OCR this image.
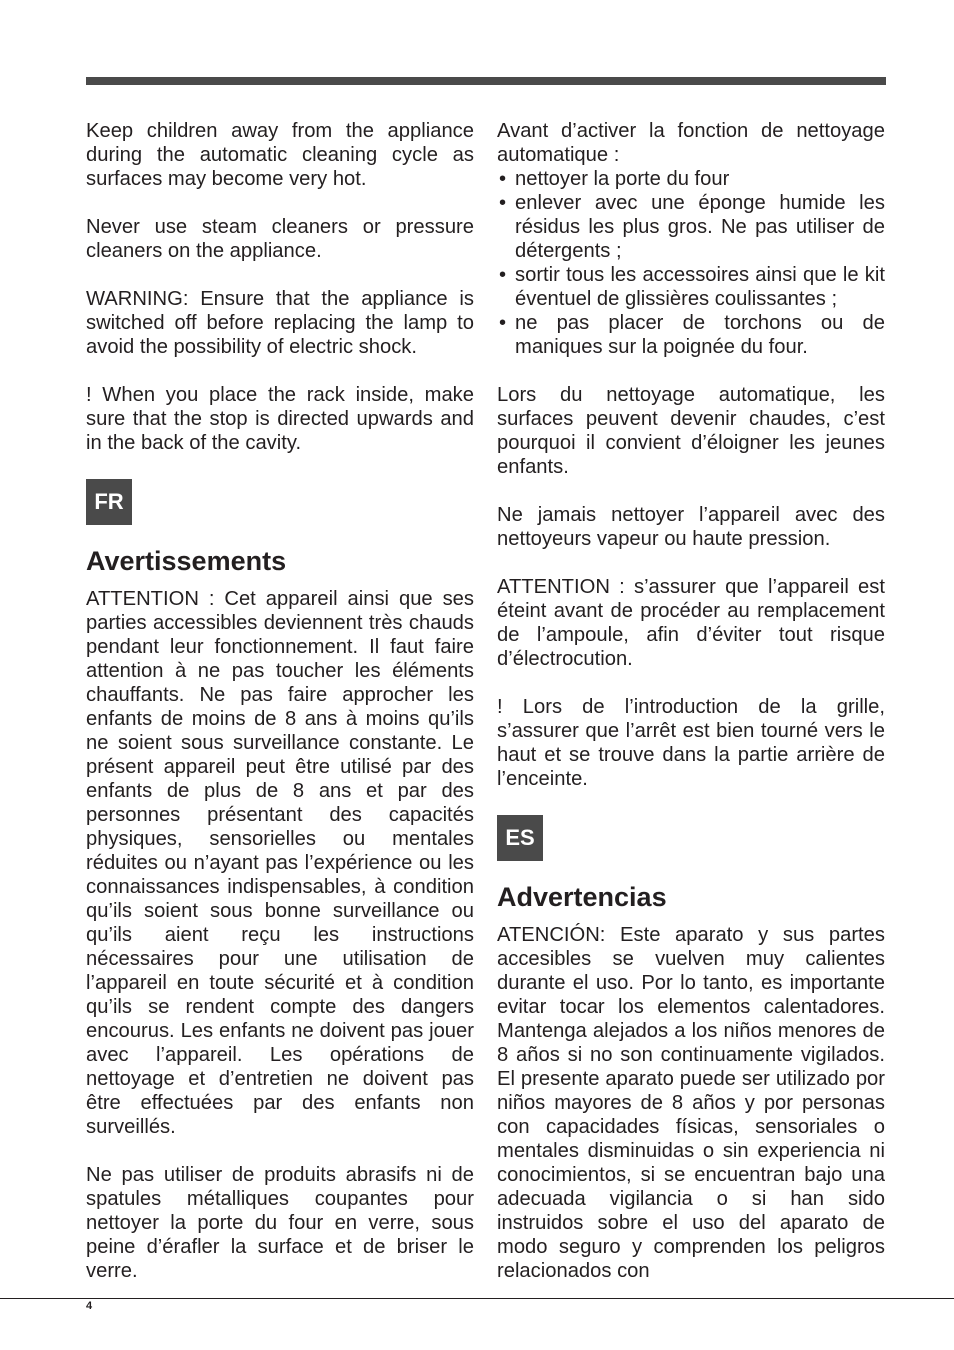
Keep children away from the appliance during the automatic cleaning cycle as surfaces may become very hot.

Never use steam cleaners or pressure cleaners on the appliance.

WARNING: Ensure that the appliance is switched off before replacing the lamp to avoid the possibility of electric shock.

! When you place the rack inside, make sure that the stop is directed upwards and in the back of the cavity.

FR
Avertissements

ATTENTION : Cet appareil ainsi que ses parties accessibles deviennent très chauds pendant leur fonctionnement. Il faut faire attention à ne pas toucher les éléments chauffants. Ne pas faire approcher les enfants de moins de 8 ans à moins qu’ils ne soient sous surveillance constante. Le présent appareil peut être utilisé par des enfants de plus de 8 ans et par des personnes présentant des capacités physiques, sensorielles ou mentales réduites ou n’ayant pas l’expérience ou les connaissances indispensables, à condition qu’ils soient sous bonne surveillance ou qu’ils aient reçu les instructions nécessaires pour une utilisation de l’appareil en toute sécurité et à condition qu’ils se rendent compte des dangers encourus. Les enfants ne doivent pas jouer avec l’appareil. Les opérations de nettoyage et d’entretien ne doivent pas être effectuées par des enfants non surveillés.

Ne pas utiliser de produits abrasifs ni de spatules métalliques coupantes pour nettoyer la porte du four en verre, sous peine d’érafler la surface et de briser le verre.

Avant d’activer la fonction de nettoyage automatique :

• nettoyer la porte du four
• enlever avec une éponge humide les résidus les plus gros. Ne pas utiliser de détergents ;
• sortir tous les accessoires ainsi que le kit éventuel de glissières coulissantes ;
• ne pas placer de torchons ou de maniques sur la poignée du four.

Lors du nettoyage automatique, les surfaces peuvent devenir chaudes, c’est pourquoi il convient d’éloigner les jeunes enfants.

Ne jamais nettoyer l’appareil avec des nettoyeurs vapeur ou haute pression.

ATTENTION : s’assurer que l’appareil est éteint avant de procéder au remplacement de l’ampoule, afin d’éviter tout risque d’électrocution.

! Lors de l’introduction de la grille, s’assurer que l’arrêt est bien tourné vers le haut et se trouve dans la partie arrière de l’enceinte.

ES
Advertencias

ATENCIÓN: Este aparato y sus partes accesibles se vuelven muy calientes durante el uso. Por lo tanto, es importante evitar tocar los elementos calentadores. Mantenga alejados a los niños menores de 8 años si no son continuamente vigilados. El presente aparato puede ser utilizado por niños mayores de 8 años y por personas con capacidades físicas, sensoriales o mentales disminuidas o sin experiencia ni conocimientos, si se encuentran bajo una adecuada vigilancia o si han sido instruidos sobre el uso del aparato de modo seguro y comprenden los peligros relacionados con

4
